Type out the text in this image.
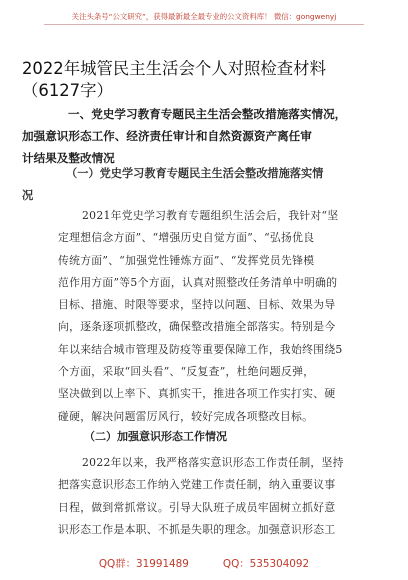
关注头条号“公文研究”，获得最新最全最专业的公文资料库！ 微信：gongwenyj
2022年城管民主生活会个人对照检查材料
（6127字）
一、党史学习教育专题民主生活会整改措施落实情况，
加强意识形态工作、经济责任审计和自然资源资产离任审
计结果及整改情况
（一）党史学习教育专题民主生活会整改措施落实情
况
2021年党史学习教育专题组织生活会后，我针对“坚
定理想信念方面”、“增强历史自觉方面”、“弘扬优良
传统方面”、“加强党性锤炼方面”、“发挥党员先锋模
范作用方面”等5个方面，认真对照整改任务清单中明确的
目标、措施、时限等要求，坚持以问题、目标、效果为导
向，逐条逐项抓整改，确保整改措施全部落实。特别是今
年以来结合城市管理及防疫等重要保障工作，我始终围绕5
个方面，采取“回头看”、“反复查”，杜绝问题反弹，
坚决做到以上率下、真抓实干，推进各项工作实打实、硬
碰硬，解决问题雷厉风行，较好完成各项整改目标。
（二）加强意识形态工作情况
2022年以来，我严格落实意识形态工作责任制，坚持
把落实意识形态工作纳入党建工作责任制，纳入重要议事
日程，做到常抓常议。引导大队班子成员牢固树立抓好意
识形态工作是本职、不抓是失职的理念。加强意识形态工
QQ群：31991489	QQ：535304092
